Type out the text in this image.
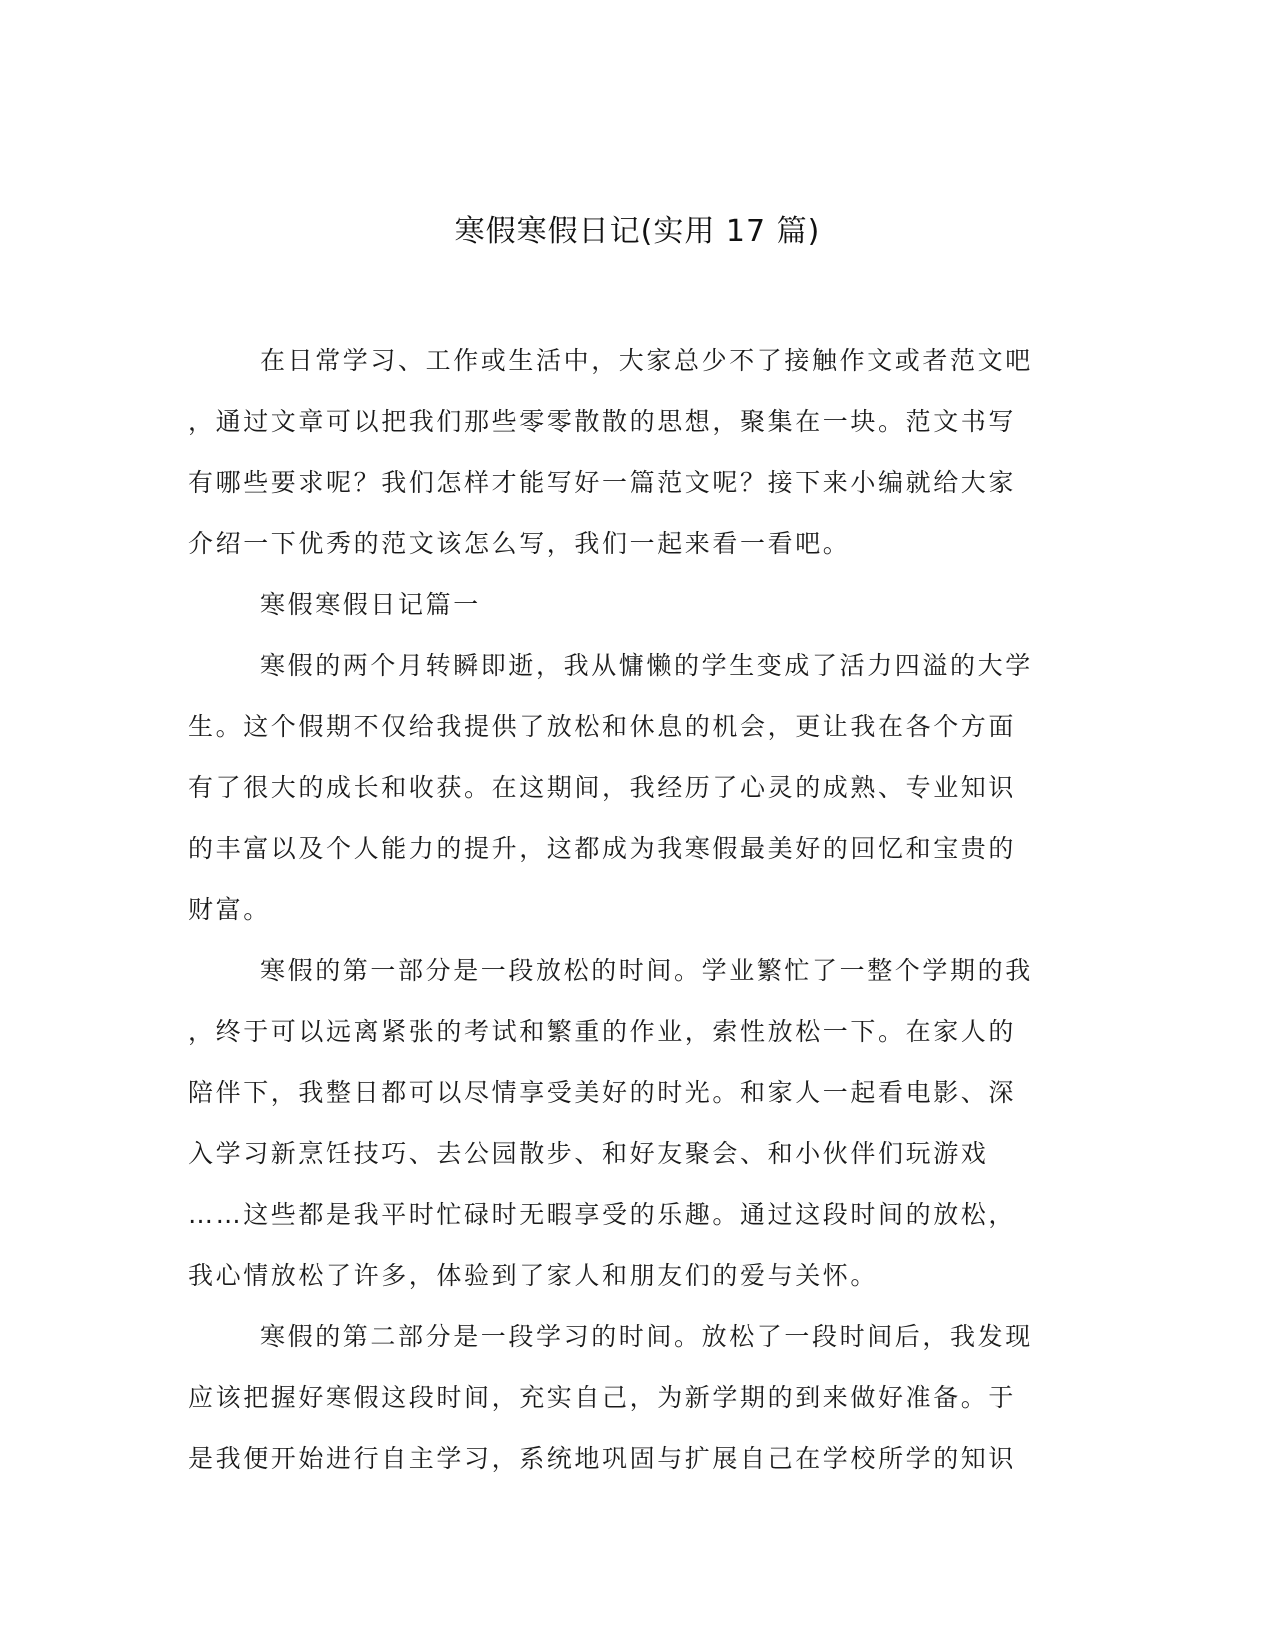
寒假寒假日记(实用 17 篇)
在日常学习、工作或生活中，大家总少不了接触作文或者范文吧
，通过文章可以把我们那些零零散散的思想，聚集在一块。范文书写
有哪些要求呢？我们怎样才能写好一篇范文呢？接下来小编就给大家
介绍一下优秀的范文该怎么写，我们一起来看一看吧。
寒假寒假日记篇一
寒假的两个月转瞬即逝，我从慵懒的学生变成了活力四溢的大学
生。这个假期不仅给我提供了放松和休息的机会，更让我在各个方面
有了很大的成长和收获。在这期间，我经历了心灵的成熟、专业知识
的丰富以及个人能力的提升，这都成为我寒假最美好的回忆和宝贵的
财富。
寒假的第一部分是一段放松的时间。学业繁忙了一整个学期的我
，终于可以远离紧张的考试和繁重的作业，索性放松一下。在家人的
陪伴下，我整日都可以尽情享受美好的时光。和家人一起看电影、深
入学习新烹饪技巧、去公园散步、和好友聚会、和小伙伴们玩游戏
……这些都是我平时忙碌时无暇享受的乐趣。通过这段时间的放松，
我心情放松了许多，体验到了家人和朋友们的爱与关怀。
寒假的第二部分是一段学习的时间。放松了一段时间后，我发现
应该把握好寒假这段时间，充实自己，为新学期的到来做好准备。于
是我便开始进行自主学习，系统地巩固与扩展自己在学校所学的知识
